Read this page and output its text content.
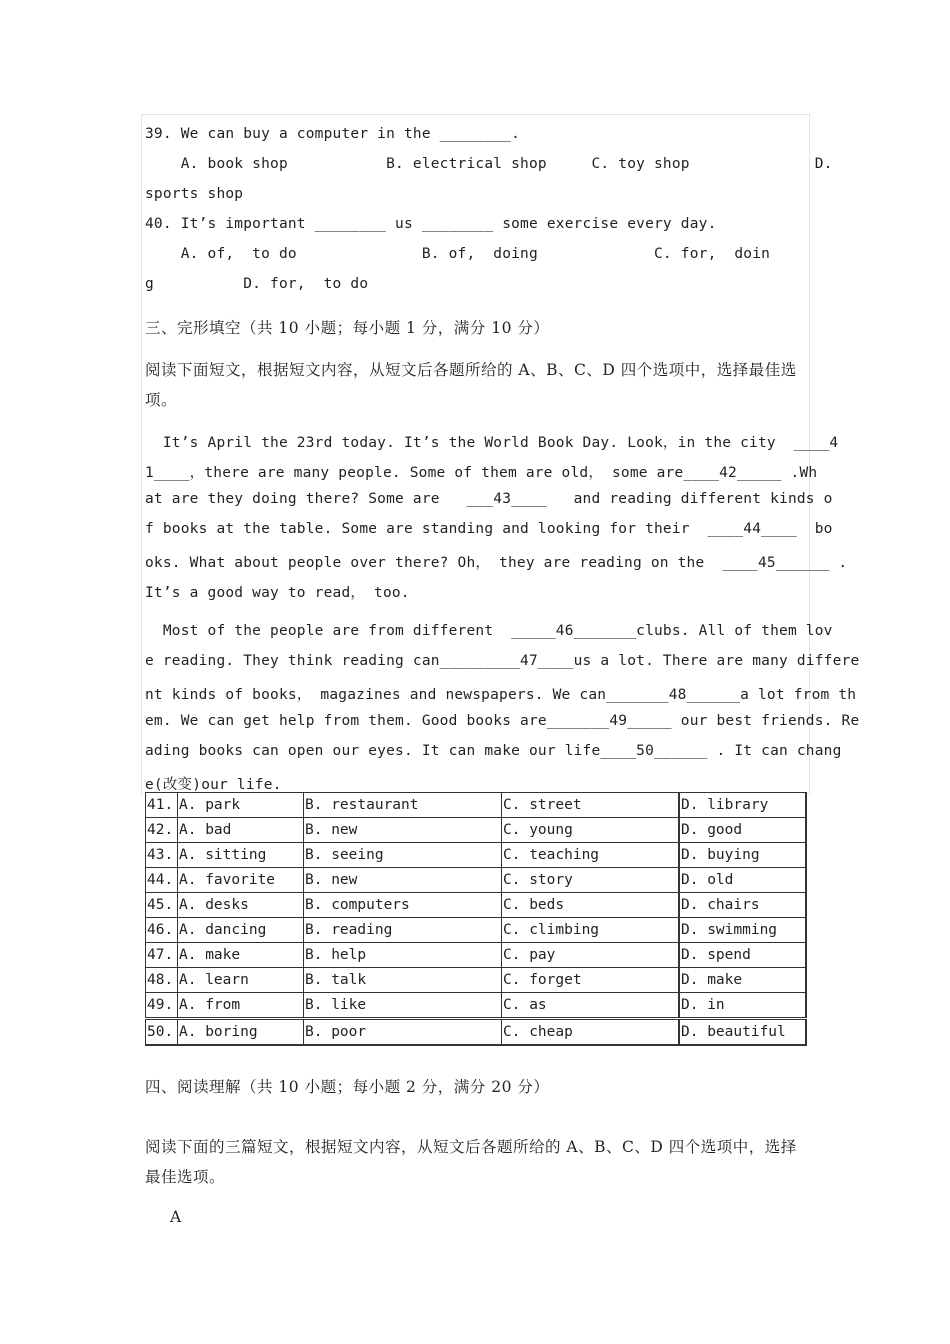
39. We can buy a computer in the ________.
A. book shop           B. electrical shop     C. toy shop              D.
sports shop
40. It’s important ________ us ________ some exercise every day.
A. of,  to do              B. of,  doing             C. for,  doin
g          D. for,  to do
三、完形填空（共 10 小题；每小题 1 分，满分 10 分）
阅读下面短文，根据短文内容，从短文后各题所给的 A、B、C、D 四个选项中，选择最佳选
项。
It’s April the 23rd today. It’s the World Book Day. Look，in the city  ____4
1____，there are many people. Some of them are old， some are____42_____ .Wh
at are they doing there? Some are   ___43____   and reading different kinds o
f books at the table. Some are standing and looking for their  ____44____  bo
oks. What about people over there? Oh， they are reading on the  ____45______ .
It’s a good way to read， too.
Most of the people are from different  _____46_______clubs. All of them lov
e reading. They think reading can_________47____us a lot. There are many differe
nt kinds of books， magazines and newspapers. We can_______48______a lot from th
em. We can get help from them. Good books are_______49_____ our best friends. Re
ading books can open our eyes. It can make our life____50______ . It can chang
e(改变)our life.
41.	A. park	B. restaurant	C. street	D. library
42.	A. bad	B. new	C. young	D. good
43.	A. sitting	B. seeing	C. teaching	D. buying
44.	A. favorite	B. new	C. story	D. old
45.	A. desks	B. computers	C. beds	D. chairs
46.	A. dancing	B. reading	C. climbing	D. swimming
47.	A. make	B. help	C. pay	D. spend
48.	A. learn	B. talk	C. forget	D. make
49.	A. from	B. like	C. as	D. in
50.	A. boring	B. poor	C. cheap	D. beautiful
四、阅读理解（共 10 小题；每小题 2 分，满分 20 分）
阅读下面的三篇短文，根据短文内容，从短文后各题所给的 A、B、C、D 四个选项中，选择
最佳选项。
A
